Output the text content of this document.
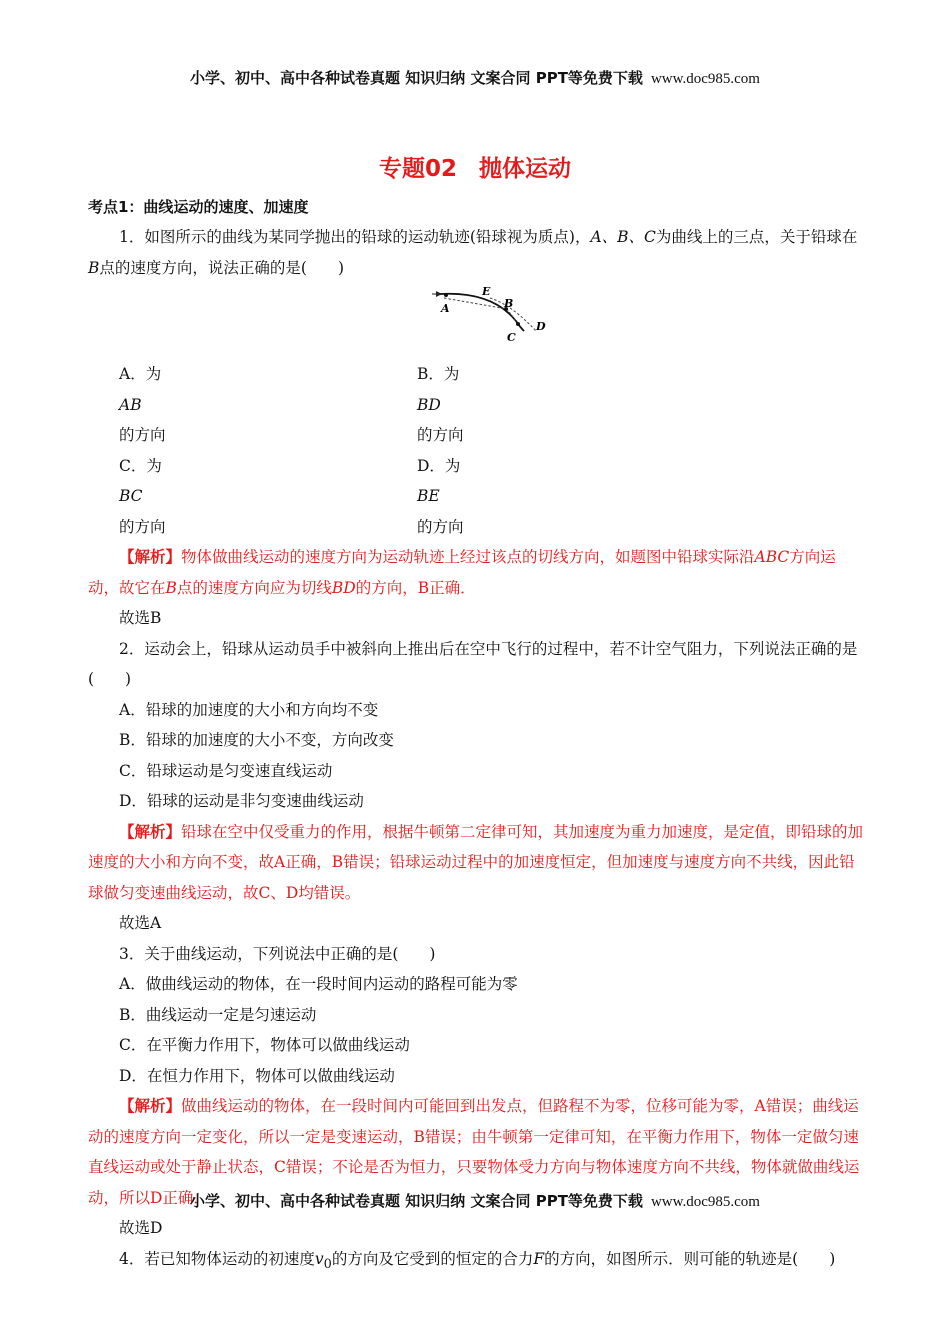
小学、初中、高中各种试卷真题 知识归纳 文案合同 PPT等免费下载 www.doc985.com
专题02 抛体运动
考点1：曲线运动的速度、加速度

1．如图所示的曲线为某同学抛出的铅球的运动轨迹(铅球视为质点)，A、B、C为曲线上的三点，关于铅球在B点的速度方向，说法正确的是(　　)

A
E
B
C
D
A．为
AB
的方向
B．为
BD
的方向
C．为
BC
的方向
D．为
BE
的方向

【解析】物体做曲线运动的速度方向为运动轨迹上经过该点的切线方向，如题图中铅球实际沿ABC方向运动，故它在B点的速度方向应为切线BD的方向，B正确．

故选B

2．运动会上，铅球从运动员手中被斜向上推出后在空中飞行的过程中，若不计空气阻力，下列说法正确的是(　　)

A．铅球的加速度的大小和方向均不变

B．铅球的加速度的大小不变，方向改变

C．铅球运动是匀变速直线运动

D．铅球的运动是非匀变速曲线运动

【解析】铅球在空中仅受重力的作用，根据牛顿第二定律可知，其加速度为重力加速度，是定值，即铅球的加速度的大小和方向不变，故A正确，B错误；铅球运动过程中的加速度恒定，但加速度与速度方向不共线，因此铅球做匀变速曲线运动，故C、D均错误。

故选A

3．关于曲线运动，下列说法中正确的是(　　)

A．做曲线运动的物体，在一段时间内运动的路程可能为零

B．曲线运动一定是匀速运动

C．在平衡力作用下，物体可以做曲线运动

D．在恒力作用下，物体可以做曲线运动

【解析】做曲线运动的物体，在一段时间内可能回到出发点，但路程不为零，位移可能为零，A错误；曲线运动的速度方向一定变化，所以一定是变速运动，B错误；由牛顿第一定律可知，在平衡力作用下，物体一定做匀速直线运动或处于静止状态，C错误；不论是否为恒力，只要物体受力方向与物体速度方向不共线，物体就做曲线运动，所以D正确．

故选D

4．若已知物体运动的初速度$v_0$的方向及它受到的恒定的合力F的方向，如图所示．则可能的轨迹是(　　)

小学、初中、高中各种试卷真题 知识归纳 文案合同 PPT等免费下载 www.doc985.com
